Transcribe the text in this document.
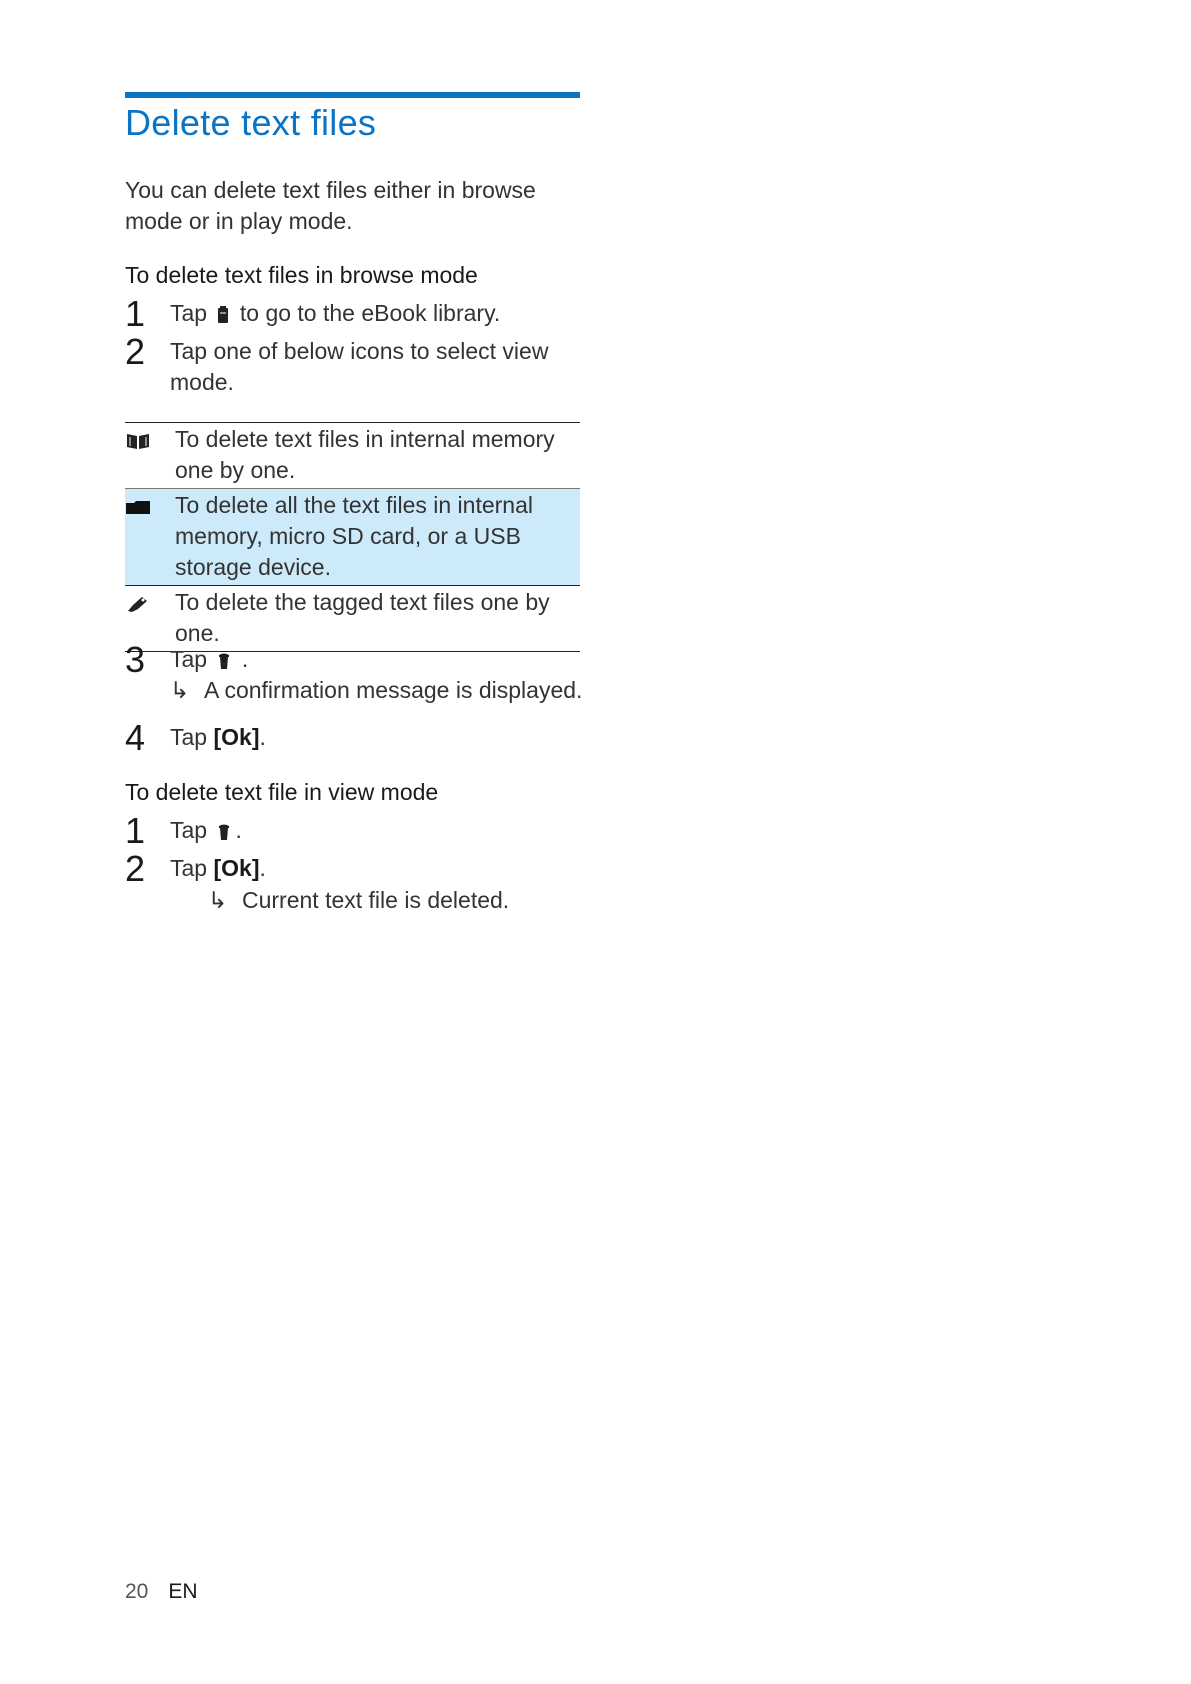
Delete text files
You can delete text files either in browse mode or in play mode.
To delete text files in browse mode
1 Tap to go to the eBook library.
2 Tap one of below icons to select view mode.
To delete text files in internal memory one by one.
To delete all the text files in internal memory, micro SD card, or a USB storage device.
To delete the tagged text files one by one.
3 Tap .
↳ A confirmation message is displayed.
4 Tap [Ok].
To delete text file in view mode
1 Tap .
2 Tap [Ok].
↳ Current text file is deleted.
20 EN
